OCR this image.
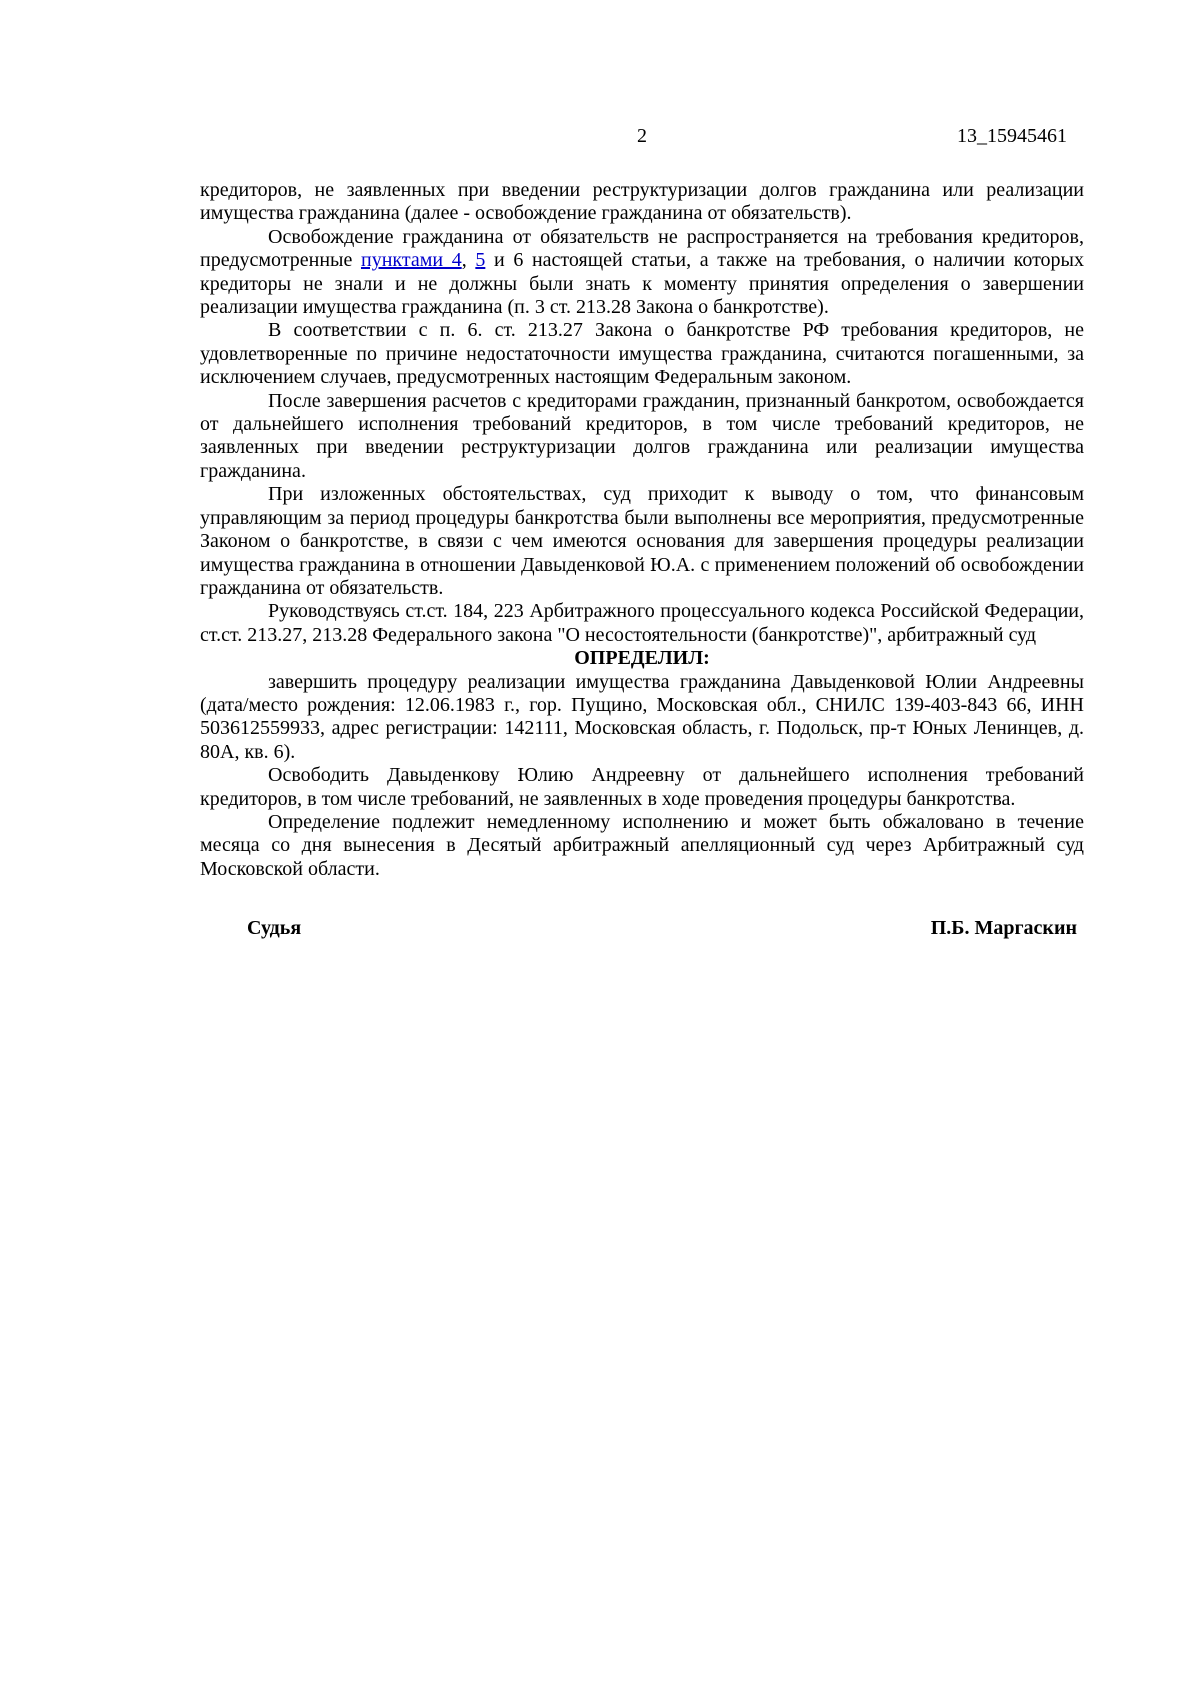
2	13_15945461

кредиторов, не заявленных при введении реструктуризации долгов гражданина или реализации имущества гражданина (далее - освобождение гражданина от обязательств).

Освобождение гражданина от обязательств не распространяется на требования кредиторов, предусмотренные пунктами 4, 5 и 6 настоящей статьи, а также на требования, о наличии которых кредиторы не знали и не должны были знать к моменту принятия определения о завершении реализации имущества гражданина (п. 3 ст. 213.28 Закона о банкротстве).

В соответствии с п. 6. ст. 213.27 Закона о банкротстве РФ требования кредиторов, не удовлетворенные по причине недостаточности имущества гражданина, считаются погашенными, за исключением случаев, предусмотренных настоящим Федеральным законом.

После завершения расчетов с кредиторами гражданин, признанный банкротом, освобождается от дальнейшего исполнения требований кредиторов, в том числе требований кредиторов, не заявленных при введении реструктуризации долгов гражданина или реализации имущества гражданина.

При изложенных обстоятельствах, суд приходит к выводу о том, что финансовым управляющим за период процедуры банкротства были выполнены все мероприятия, предусмотренные Законом о банкротстве, в связи с чем имеются основания для завершения процедуры реализации имущества гражданина в отношении Давыденковой Ю.А. с применением положений об освобождении гражданина от обязательств.

Руководствуясь ст.ст. 184, 223 Арбитражного процессуального кодекса Российской Федерации, ст.ст. 213.27, 213.28 Федерального закона "О несостоятельности (банкротстве)", арбитражный суд

ОПРЕДЕЛИЛ:

завершить процедуру реализации имущества гражданина Давыденковой Юлии Андреевны (дата/место рождения: 12.06.1983 г., гор. Пущино, Московская обл., СНИЛС 139-403-843 66, ИНН 503612559933, адрес регистрации: 142111, Московская область, г. Подольск, пр-т Юных Ленинцев, д. 80А, кв. 6).

Освободить Давыденкову Юлию Андреевну от дальнейшего исполнения требований кредиторов, в том числе требований, не заявленных в ходе проведения процедуры банкротства.

Определение подлежит немедленному исполнению и может быть обжаловано в течение месяца со дня вынесения в Десятый арбитражный апелляционный суд через Арбитражный суд Московской области.

Судья	П.Б. Маргаскин
